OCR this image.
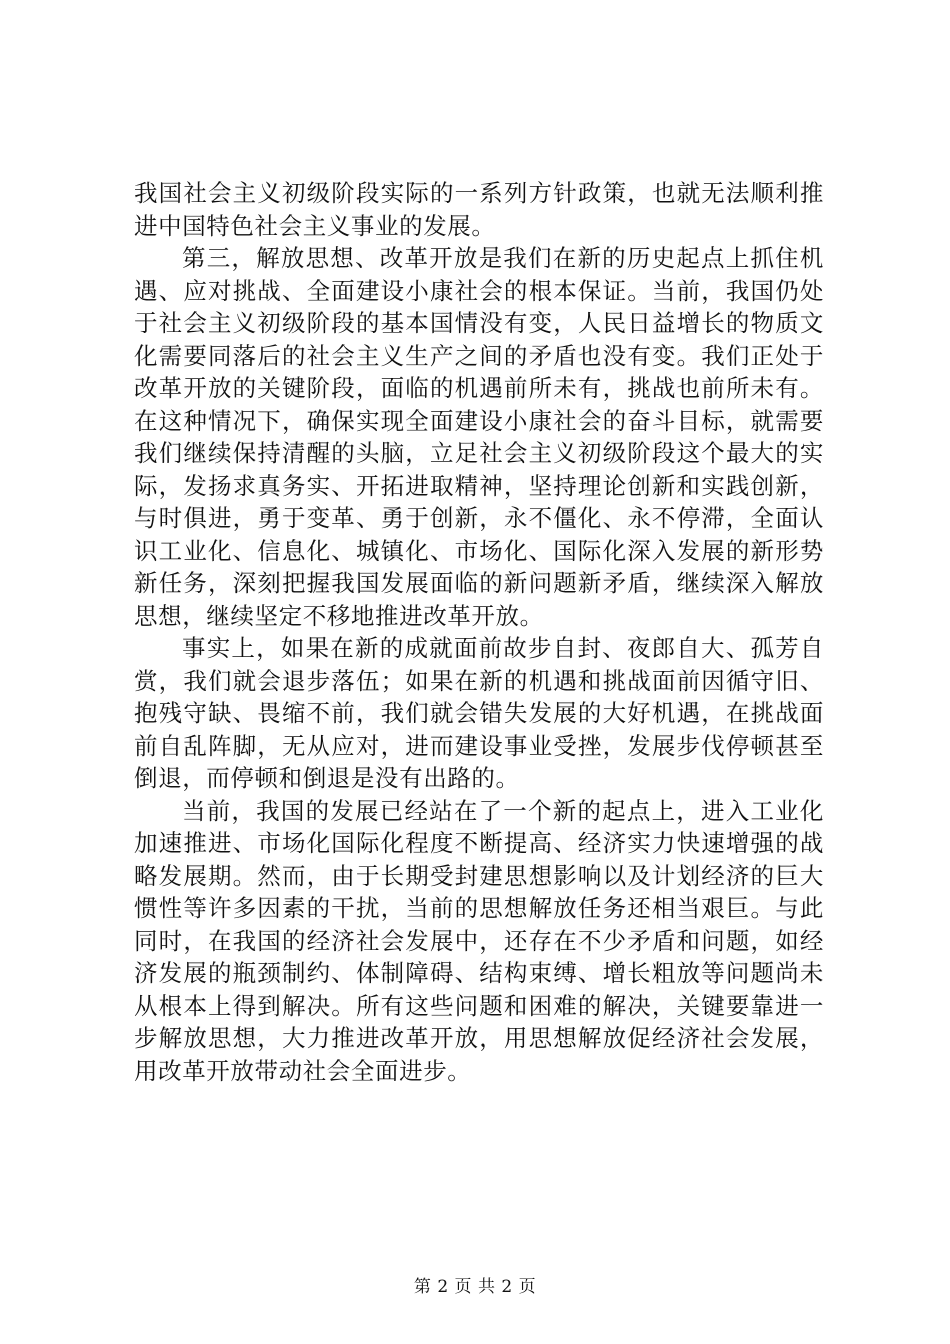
我国社会主义初级阶段实际的一系列方针政策，也就无法顺利推进中国特色社会主义事业的发展。

第三，解放思想、改革开放是我们在新的历史起点上抓住机遇、应对挑战、全面建设小康社会的根本保证。当前，我国仍处于社会主义初级阶段的基本国情没有变，人民日益增长的物质文化需要同落后的社会主义生产之间的矛盾也没有变。我们正处于改革开放的关键阶段，面临的机遇前所未有，挑战也前所未有。在这种情况下，确保实现全面建设小康社会的奋斗目标，就需要我们继续保持清醒的头脑，立足社会主义初级阶段这个最大的实际，发扬求真务实、开拓进取精神，坚持理论创新和实践创新，与时俱进，勇于变革、勇于创新，永不僵化、永不停滞，全面认识工业化、信息化、城镇化、市场化、国际化深入发展的新形势新任务，深刻把握我国发展面临的新问题新矛盾，继续深入解放思想，继续坚定不移地推进改革开放。

事实上，如果在新的成就面前故步自封、夜郎自大、孤芳自赏，我们就会退步落伍；如果在新的机遇和挑战面前因循守旧、抱残守缺、畏缩不前，我们就会错失发展的大好机遇，在挑战面前自乱阵脚，无从应对，进而建设事业受挫，发展步伐停顿甚至倒退，而停顿和倒退是没有出路的。

当前，我国的发展已经站在了一个新的起点上，进入工业化加速推进、市场化国际化程度不断提高、经济实力快速增强的战略发展期。然而，由于长期受封建思想影响以及计划经济的巨大惯性等许多因素的干扰，当前的思想解放任务还相当艰巨。与此同时，在我国的经济社会发展中，还存在不少矛盾和问题，如经济发展的瓶颈制约、体制障碍、结构束缚、增长粗放等问题尚未从根本上得到解决。所有这些问题和困难的解决，关键要靠进一步解放思想，大力推进改革开放，用思想解放促经济社会发展，用改革开放带动社会全面进步。

第 2 页 共 2 页
